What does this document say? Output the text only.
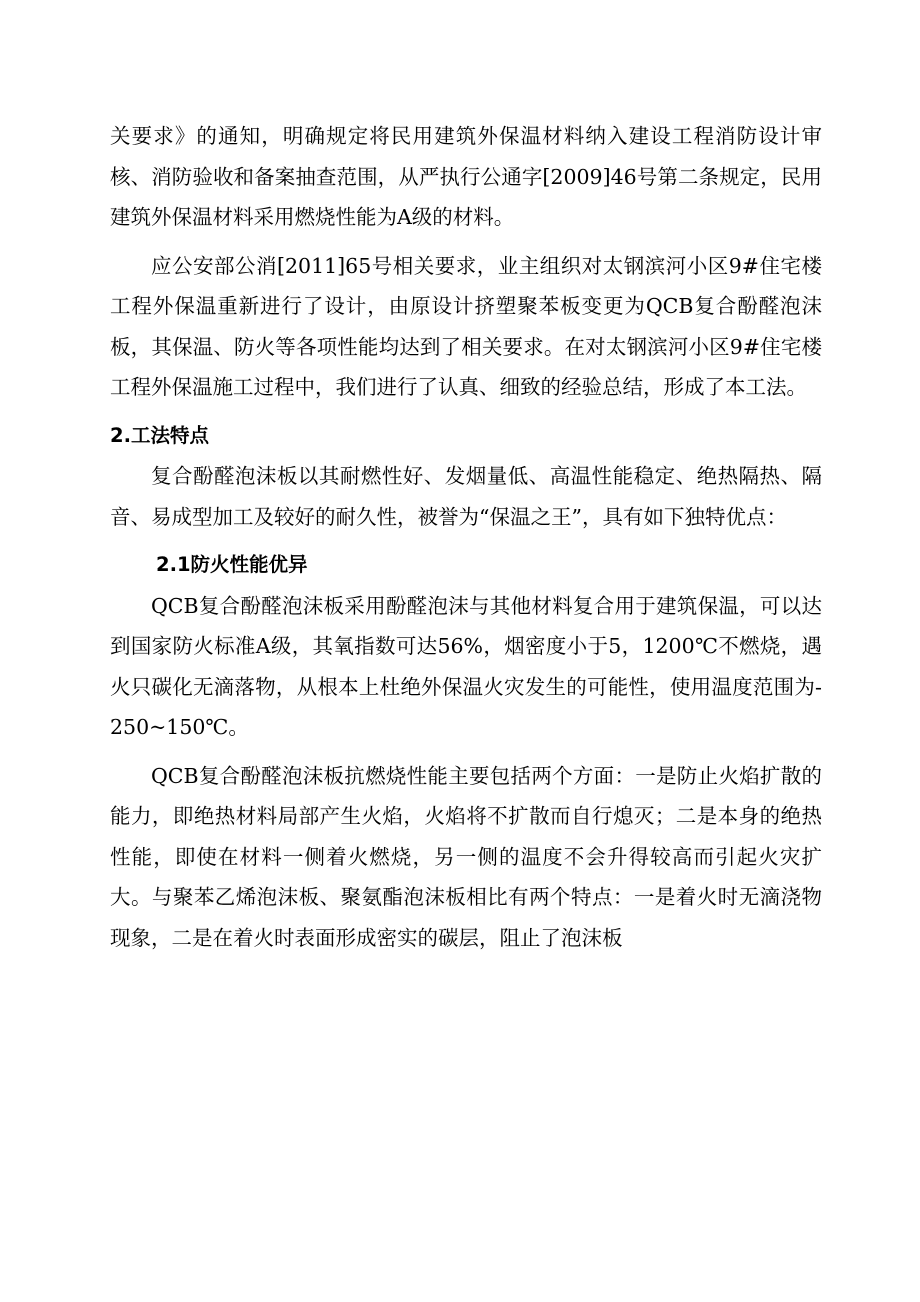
关要求》的通知，明确规定将民用建筑外保温材料纳入建设工程消防设计审核、消防验收和备案抽查范围，从严执行公通字[2009]46号第二条规定，民用建筑外保温材料采用燃烧性能为A级的材料。

应公安部公消[2011]65号相关要求，业主组织对太钢滨河小区9#住宅楼工程外保温重新进行了设计，由原设计挤塑聚苯板变更为QCB复合酚醛泡沫板，其保温、防火等各项性能均达到了相关要求。在对太钢滨河小区9#住宅楼工程外保温施工过程中，我们进行了认真、细致的经验总结，形成了本工法。

2.工法特点

复合酚醛泡沫板以其耐燃性好、发烟量低、高温性能稳定、绝热隔热、隔音、易成型加工及较好的耐久性，被誉为“保温之王”，具有如下独特优点：

2.1防火性能优异

QCB复合酚醛泡沫板采用酚醛泡沫与其他材料复合用于建筑保温，可以达到国家防火标准A级，其氧指数可达56%，烟密度小于5，1200℃不燃烧，遇火只碳化无滴落物，从根本上杜绝外保温火灾发生的可能性，使用温度范围为-250~150℃。

QCB复合酚醛泡沫板抗燃烧性能主要包括两个方面：一是防止火焰扩散的能力，即绝热材料局部产生火焰，火焰将不扩散而自行熄灭；二是本身的绝热性能，即使在材料一侧着火燃烧，另一侧的温度不会升得较高而引起火灾扩大。与聚苯乙烯泡沫板、聚氨酯泡沫板相比有两个特点：一是着火时无滴浇物现象，二是在着火时表面形成密实的碳层，阻止了泡沫板
